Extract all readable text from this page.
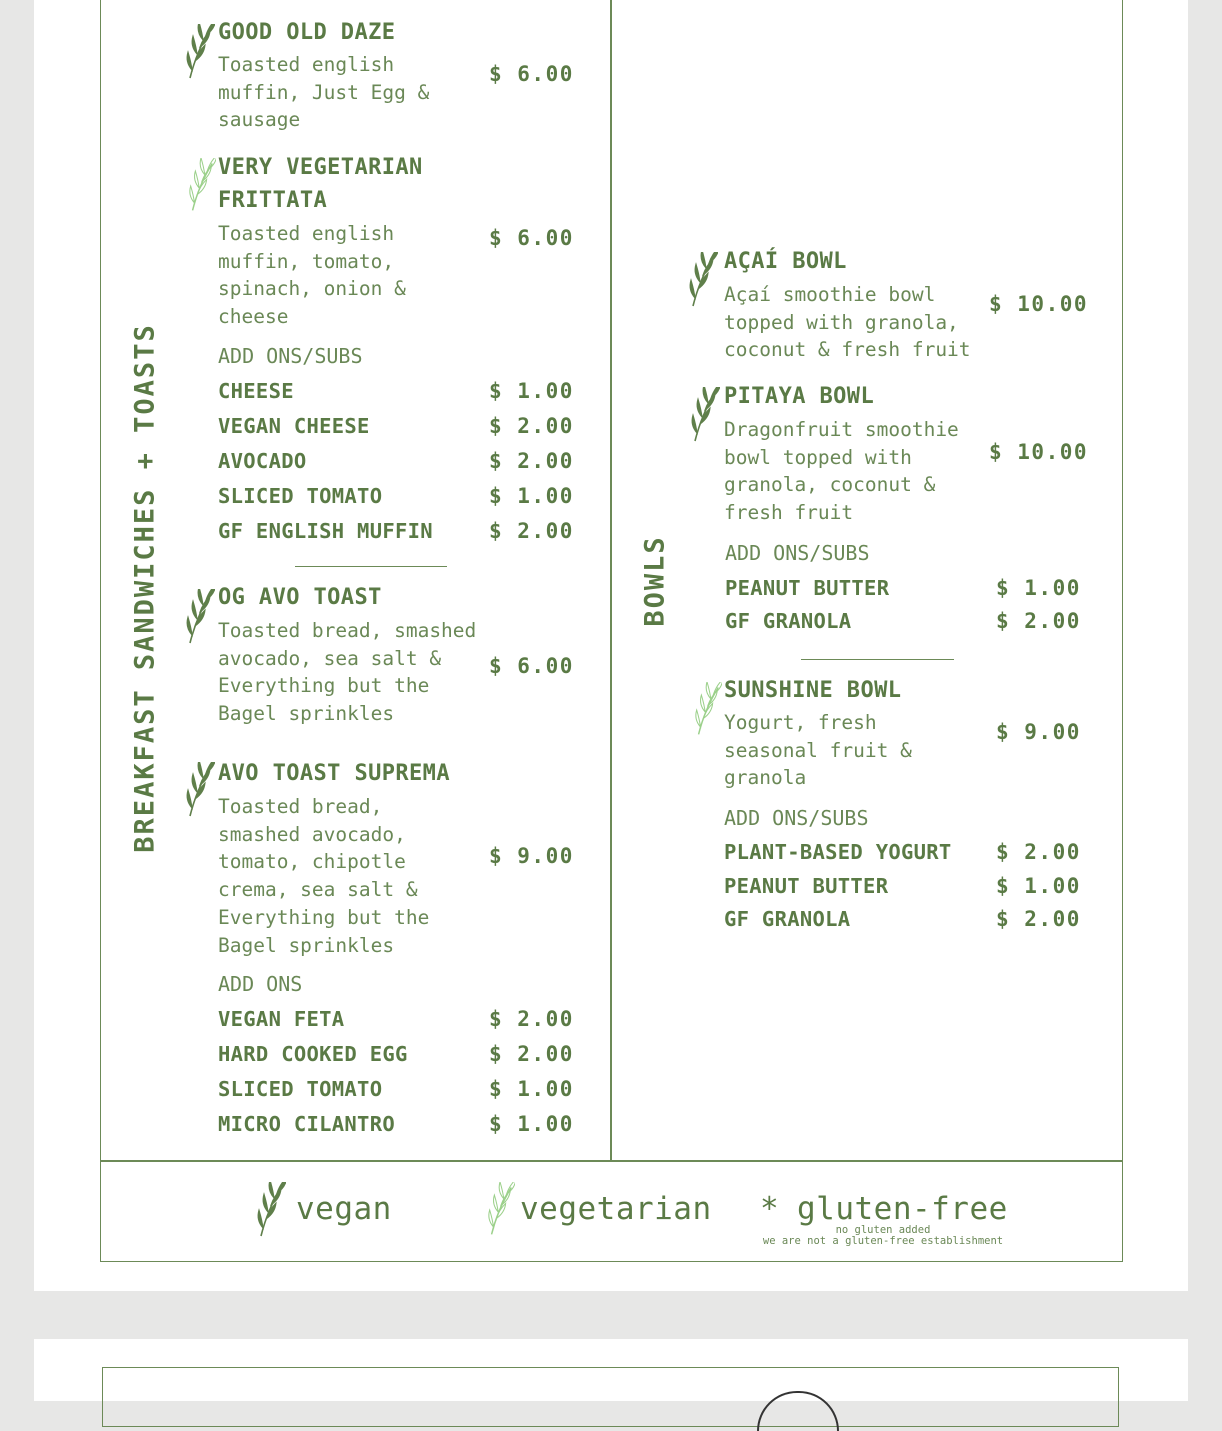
BREAKFAST SANDWICHES + TOASTS	BOWLS
GOOD OLD DAZE
Toasted english muffin, Just Egg & sausage
$ 6.00
VERY VEGETARIAN
FRITTATA
Toasted english muffin, tomato, spinach, onion & cheese
$ 6.00
ADD ONS/SUBS
CHEESE	$ 1.00
VEGAN CHEESE	$ 2.00
AVOCADO	$ 2.00
SLICED TOMATO	$ 1.00
GF ENGLISH MUFFIN	$ 2.00
OG AVO TOAST
Toasted bread, smashed avocado, sea salt & Everything but the Bagel sprinkles
$ 6.00
AVO TOAST SUPREMA
Toasted bread, smashed avocado, tomato, chipotle crema, sea salt & Everything but the Bagel sprinkles
$ 9.00
ADD ONS
VEGAN FETA	$ 2.00
HARD COOKED EGG	$ 2.00
SLICED TOMATO	$ 1.00
MICRO CILANTRO	$ 1.00
AÇAÍ BOWL
Açaí smoothie bowl topped with granola, coconut & fresh fruit
$ 10.00
PITAYA BOWL
Dragonfruit smoothie bowl topped with granola, coconut & fresh fruit
$ 10.00
ADD ONS/SUBS
PEANUT BUTTER	$ 1.00
GF GRANOLA	$ 2.00
SUNSHINE BOWL
Yogurt, fresh seasonal fruit & granola
$ 9.00
ADD ONS/SUBS
PLANT-BASED YOGURT $ 2.00
PEANUT BUTTER	$ 1.00
GF GRANOLA	$ 2.00
vegan	vegetarian * gluten-free
no gluten added
we are not a gluten-free establishment
